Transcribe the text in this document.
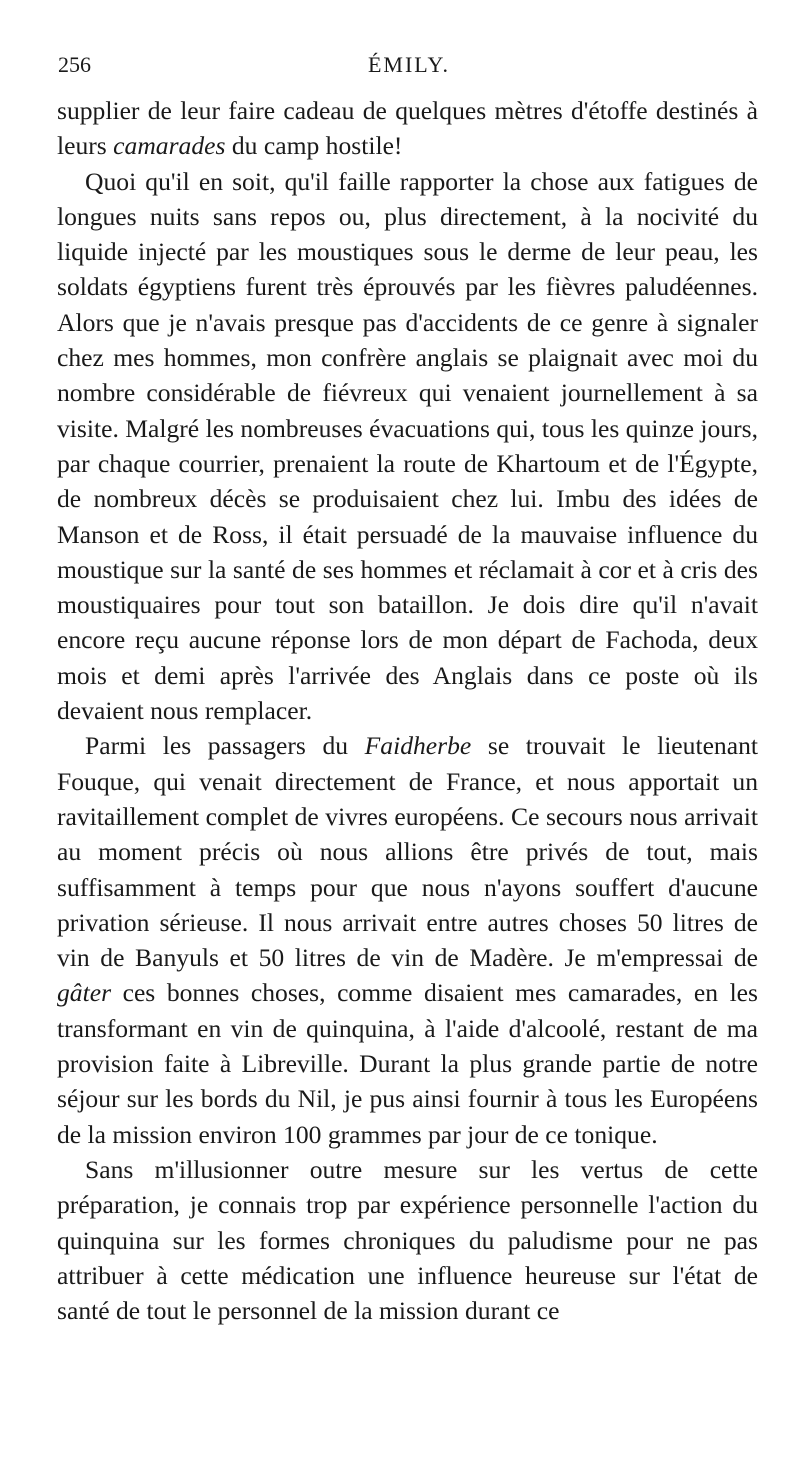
256	ÉMILY.

supplier de leur faire cadeau de quelques mètres d'étoffe destinés à leurs camarades du camp hostile!

Quoi qu'il en soit, qu'il faille rapporter la chose aux fatigues de longues nuits sans repos ou, plus directement, à la nocivité du liquide injecté par les moustiques sous le derme de leur peau, les soldats égyptiens furent très éprouvés par les fièvres paludéennes. Alors que je n'avais presque pas d'accidents de ce genre à signaler chez mes hommes, mon confrère anglais se plaignait avec moi du nombre considérable de fiévreux qui venaient journellement à sa visite. Malgré les nombreuses évacuations qui, tous les quinze jours, par chaque courrier, prenaient la route de Khartoum et de l'Égypte, de nombreux décès se produisaient chez lui. Imbu des idées de Manson et de Ross, il était persuadé de la mauvaise influence du moustique sur la santé de ses hommes et réclamait à cor et à cris des moustiquaires pour tout son bataillon. Je dois dire qu'il n'avait encore reçu aucune réponse lors de mon départ de Fachoda, deux mois et demi après l'arrivée des Anglais dans ce poste où ils devaient nous remplacer.

Parmi les passagers du Faidherbe se trouvait le lieutenant Fouque, qui venait directement de France, et nous apportait un ravitaillement complet de vivres européens. Ce secours nous arrivait au moment précis où nous allions être privés de tout, mais suffisamment à temps pour que nous n'ayons souffert d'aucune privation sérieuse. Il nous arrivait entre autres choses 50 litres de vin de Banyuls et 50 litres de vin de Madère. Je m'empressai de gâter ces bonnes choses, comme disaient mes camarades, en les transformant en vin de quinquina, à l'aide d'alcoolé, restant de ma provision faite à Libreville. Durant la plus grande partie de notre séjour sur les bords du Nil, je pus ainsi fournir à tous les Européens de la mission environ 100 grammes par jour de ce tonique.

Sans m'illusionner outre mesure sur les vertus de cette préparation, je connais trop par expérience personnelle l'action du quinquina sur les formes chroniques du paludisme pour ne pas attribuer à cette médication une influence heureuse sur l'état de santé de tout le personnel de la mission durant ce
